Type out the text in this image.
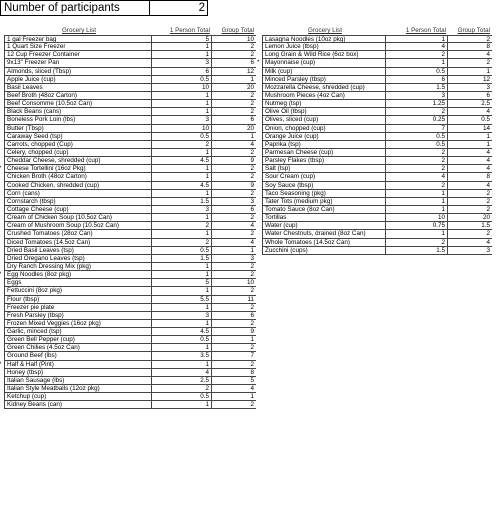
Number of participants	2
Grocery List	1 Person Total	Group Total
1 gal Freezer bag	5	10
1 Quart Size Freezer	1	2
12 Cup Freezer Container	1	2
9x13" Freezer Pan	3	6
Almonds, sliced (Tbsp)	6	12
Apple Juice (cup)	0.5	1
Basil Leaves	10	20
Beef Broth (48oz Carton)	1	2
Beef Consomme (10.5oz Can)	1	2
Black Beans (cans)	1	2
Boneless Pork Loin (lbs)	3	6
Butter (Tbsp)	10	20
Caraway Seed (tsp)	0.5	1
Carrots, chopped (Cup)	2	4
Celery, chopped (cup)	1	2
Cheddar Cheese, shredded (cup)	4.5	9
Cheese Tortellini (16oz Pkg)	1	2
Chicken Broth (48oz Carton)	1	2
Cooked Chicken, shredded (cup)	4.5	9
Corn (cans)	1	2
Cornstarch (tbsp)	1.5	3
Cottage Cheese (cup)	3	6
Cream of Chicken Soup (10.5oz Can)	1	2
Cream of Mushroom Soup (10.5oz Can)	2	4
Crushed Tomatoes (28oz Can)	1	2
Diced Tomatoes (14.5oz Can)	2	4
Dried Basil Leaves (tsp)	0.5	1
Dried Oregano Leaves (tsp)	1.5	3
Dry Ranch Dressing Mix (pkg)	1	2
Egg Noodles (8oz pkg)	1	2
Eggs	5	10
Fettuccini (8oz pkg)	1	2
Flour (tbsp)	5.5	11
Freezer pie plate	1	2
Fresh Parsley (tbsp)	3	6
Frozen Mixed Veggies (16oz pkg)	1	2
Garlic, minced (tsp)	4.5	9
Green Bell Pepper (cup)	0.5	1
Green Chilies (4.5oz Can)	1	2
Ground Beef (lbs)	3.5	7
Half & Half (Pint)	1	2
Honey (tbsp)	4	8
Italian Sausage (lbs)	2.5	5
Italian Style Meatballs (12oz pkg)	2	4
Ketchup (cup)	0.5	1
Kidney Beans (can)	1	2
Grocery List	1 Person Total	Group Total
Lasagna Noodles (10oz pkg)	1	2
Lemon Juice (tbsp)	4	8
Long Grain & Wild Rice (6oz box)	2	4
* Mayonnaise (cup)	1	2
Milk (cup)	0.5	1
Minced Parsley (tbsp)	6	12
Mozzarella Cheese, shredded (cup)	1.5	3
Mushroom Pieces (4oz Can)	3	6
Nutmeg (tsp)	1.25	2.5
Olive Oil (tbsp)	2	4
Olives, sliced (cup)	0.25	0.5
Onion, chopped (cup)	7	14
Orange Juice (cup)	0.5	1
Paprika (tsp)	0.5	1
Parmesan Cheese (cup)	2	4
Parsley Flakes (tbsp)	2	4
Salt (tsp)	2	4
Sour Cream (cup)	4	8
Soy Sauce (tbsp)	2	4
Taco Seasoning (pkg)	1	2
Tater Tots (medium pkg)	1	2
Tomato Sauce (8oz Can)	1	2
Tortillas	10	20
Water (cup)	0.75	1.5
Water Chestnuts, drained (8oz Can)	1	2
Whole Tomatoes (14.5oz Can)	2	4
Zucchini (cups)	1.5	3
